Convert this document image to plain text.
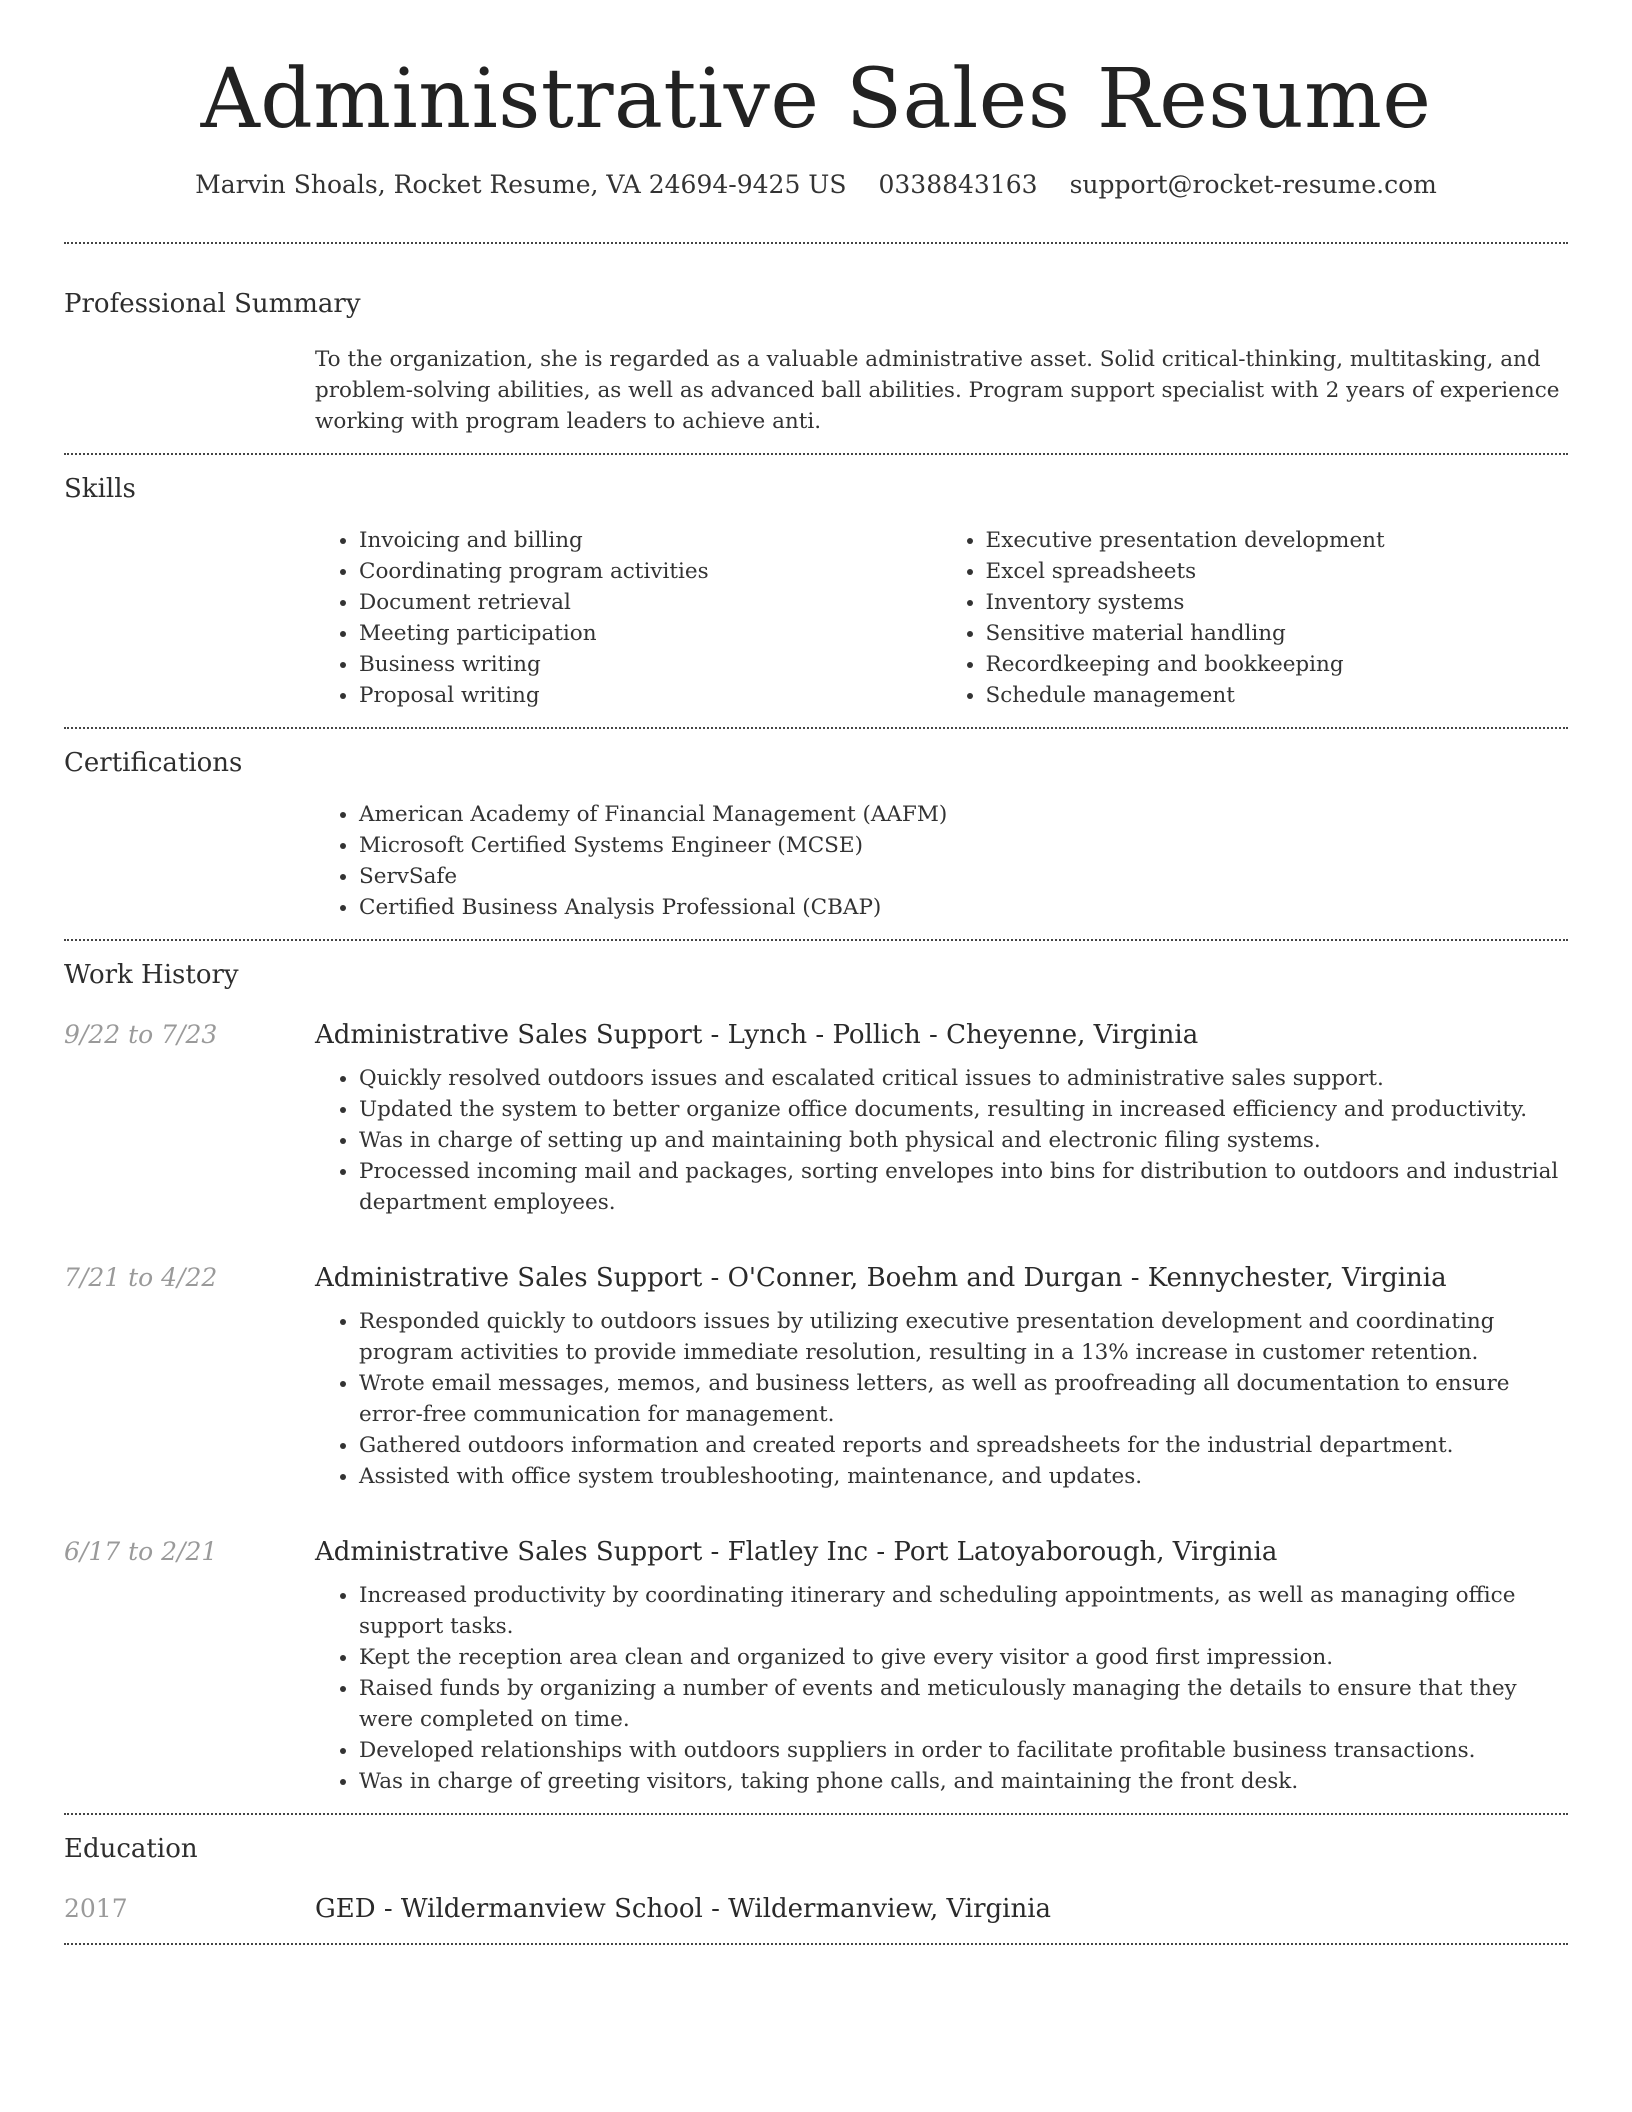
Administrative Sales Resume
Marvin Shoals, Rocket Resume, VA 24694-9425 US 0338843163 support@rocket-resume.com
Professional Summary
To the organization, she is regarded as a valuable administrative asset. Solid critical-thinking, multitasking, and problem-solving abilities, as well as advanced ball abilities. Program support specialist with 2 years of experience working with program leaders to achieve anti.
Skills
• Invoicing and billing
• Coordinating program activities
• Document retrieval
• Meeting participation
• Business writing
• Proposal writing
• Executive presentation development
• Excel spreadsheets
• Inventory systems
• Sensitive material handling
• Recordkeeping and bookkeeping
• Schedule management
Certifications
• American Academy of Financial Management (AAFM)
• Microsoft Certified Systems Engineer (MCSE)
• ServSafe
• Certified Business Analysis Professional (CBAP)
Work History
9/22 to 7/23	Administrative Sales Support - Lynch - Pollich - Cheyenne, Virginia
• Quickly resolved outdoors issues and escalated critical issues to administrative sales support.
• Updated the system to better organize office documents, resulting in increased efficiency and productivity.
• Was in charge of setting up and maintaining both physical and electronic filing systems.
• Processed incoming mail and packages, sorting envelopes into bins for distribution to outdoors and industrial department employees.
7/21 to 4/22	Administrative Sales Support - O'Conner, Boehm and Durgan - Kennychester, Virginia
• Responded quickly to outdoors issues by utilizing executive presentation development and coordinating program activities to provide immediate resolution, resulting in a 13% increase in customer retention.
• Wrote email messages, memos, and business letters, as well as proofreading all documentation to ensure error-free communication for management.
• Gathered outdoors information and created reports and spreadsheets for the industrial department.
• Assisted with office system troubleshooting, maintenance, and updates.
6/17 to 2/21	Administrative Sales Support - Flatley Inc - Port Latoyaborough, Virginia
• Increased productivity by coordinating itinerary and scheduling appointments, as well as managing office support tasks.
• Kept the reception area clean and organized to give every visitor a good first impression.
• Raised funds by organizing a number of events and meticulously managing the details to ensure that they were completed on time.
• Developed relationships with outdoors suppliers in order to facilitate profitable business transactions.
• Was in charge of greeting visitors, taking phone calls, and maintaining the front desk.
Education
2017	GED - Wildermanview School - Wildermanview, Virginia
